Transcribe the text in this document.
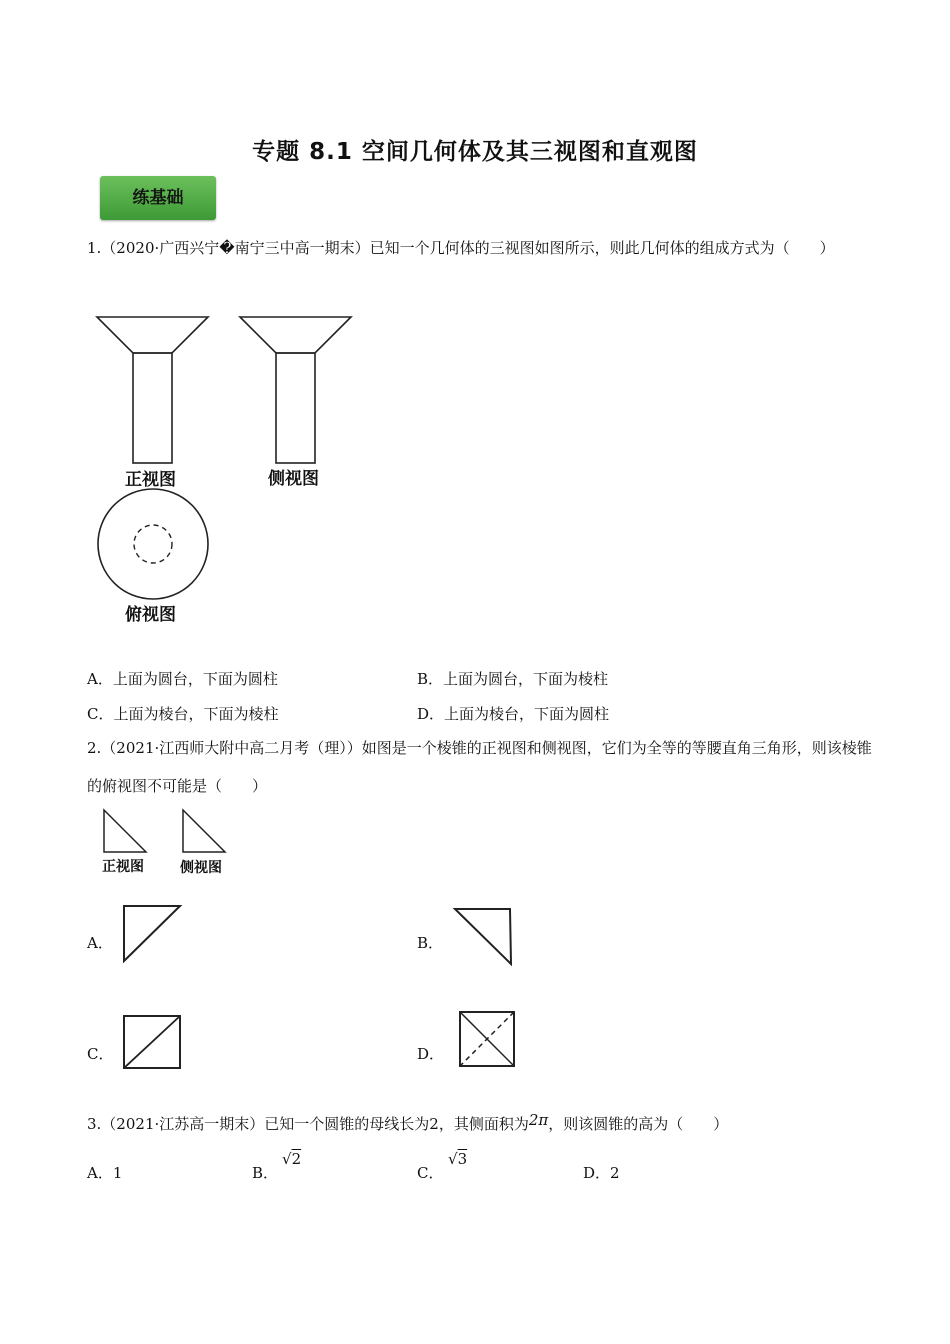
专题 8.1 空间几何体及其三视图和直观图
练基础
1.（2020·广西兴宁�南宁三中高一期末）已知一个几何体的三视图如图所示，则此几何体的组成方式为（　　）
正视图	侧视图
俯视图
A．上面为圆台，下面为圆柱	B．上面为圆台，下面为棱柱
C．上面为棱台，下面为棱柱	D．上面为棱台，下面为圆柱
2.（2021·江西师大附中高二月考（理））如图是一个棱锥的正视图和侧视图，它们为全等的等腰直角三角形，则该棱锥的俯视图不可能是（　　）
正视图	侧视图
A．	B．
C．	D．
3.（2021·江苏高一期末）已知一个圆锥的母线长为2，其侧面积为2π，则该圆锥的高为（　　）
A．1	B．
√2
C．
√3
D．2
